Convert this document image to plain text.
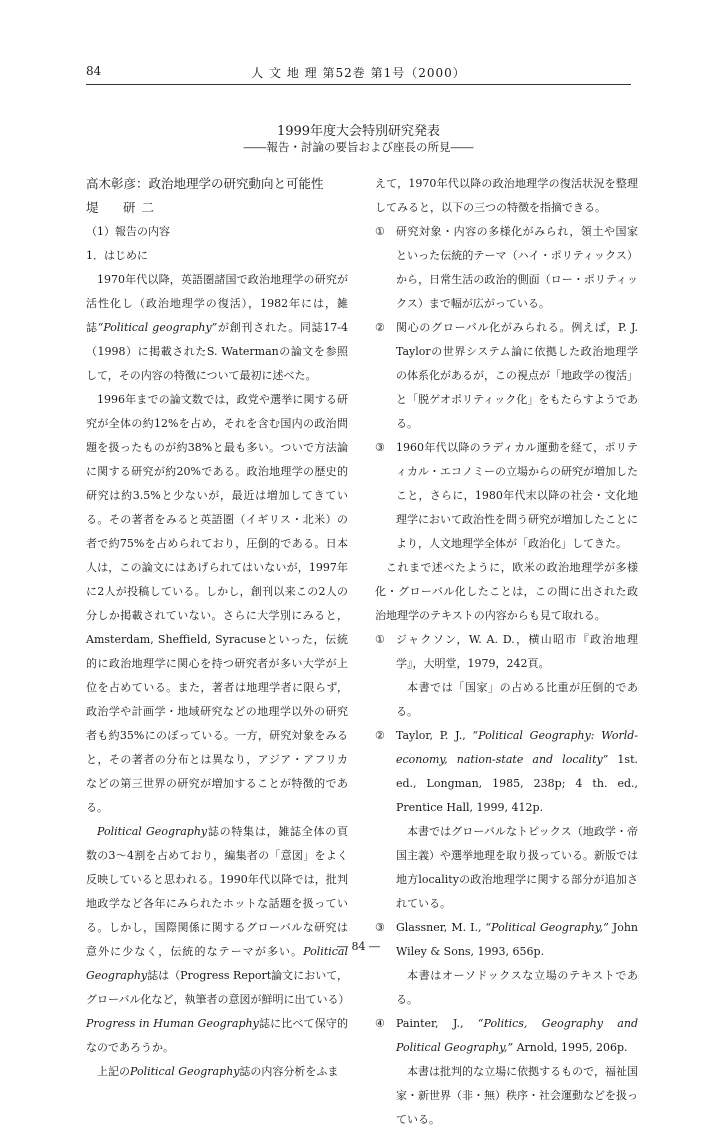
84	人 文 地 理 第52巻 第1号（2000）
1999年度大会特別研究発表
――報告・討論の要旨および座長の所見――

高木彰彦：政治地理学の研究動向と可能性

堤　研二

（1）報告の内容

1．はじめに

1970年代以降，英語圏諸国で政治地理学の研究が活性化し（政治地理学の復活），1982年には，雑誌“Political geography”が創刊された。同誌17-4（1998）に掲載されたS. Watermanの論文を参照して，その内容の特徴について最初に述べた。

1996年までの論文数では，政党や選挙に関する研究が全体の約12%を占め，それを含む国内の政治問題を扱ったものが約38%と最も多い。ついで方法論に関する研究が約20%である。政治地理学の歴史的研究は約3.5%と少ないが，最近は増加してきている。その著者をみると英語圏（イギリス・北米）の者で約75%を占められており，圧倒的である。日本人は，この論文にはあげられてはいないが，1997年に2人が投稿している。しかし，創刊以来この2人の分しか掲載されていない。さらに大学別にみると，Amsterdam, Sheffield, Syracuseといった，伝統的に政治地理学に関心を持つ研究者が多い大学が上位を占めている。また，著者は地理学者に限らず，政治学や計画学・地域研究などの地理学以外の研究者も約35%にのぼっている。一方，研究対象をみると，その著者の分布とは異なり，アジア・アフリカなどの第三世界の研究が増加することが特徴的である。

Political Geography誌の特集は，雑誌全体の頁数の3～4割を占めており，編集者の「意図」をよく反映していると思われる。1990年代以降では，批判地政学など各年にみられたホットな話題を扱っている。しかし，国際関係に関するグローバルな研究は意外に少なく，伝統的なテーマが多い。Political Geography誌は（Progress Report論文において，グローバル化など，執筆者の意図が鮮明に出ている）Progress in Human Geography誌に比べて保守的なのであろうか。

上記のPolitical Geography誌の内容分析をふま

えて，1970年代以降の政治地理学の復活状況を整理してみると，以下の三つの特徴を指摘できる。

①	研究対象・内容の多様化がみられ，領土や国家といった伝統的テーマ（ハイ・ポリティックス）から，日常生活の政治的側面（ロー・ポリティックス）まで幅が広がっている。
②	関心のグローバル化がみられる。例えば，P. J. Taylorの世界システム論に依拠した政治地理学の体系化があるが，この視点が「地政学の復活」と「脱ゲオポリティック化」をもたらすようである。
③	1960年代以降のラディカル運動を経て，ポリティカル・エコノミーの立場からの研究が増加したこと，さらに，1980年代末以降の社会・文化地理学において政治性を問う研究が増加したことにより，人文地理学全体が「政治化」してきた。

これまで述べたように，欧米の政治地理学が多様化・グローバル化したことは，この間に出された政治地理学のテキストの内容からも見て取れる。

①	ジャクソン，W. A. D.，横山昭市『政治地理学』，大明堂，1979，242頁。

本書では「国家」の占める比重が圧倒的である。

②	Taylor, P. J., “Political Geography: World-economy, nation-state and locality” 1st. ed., Longman, 1985, 238p; 4 th. ed., Prentice Hall, 1999, 412p.

本書ではグローバルなトピックス（地政学・帝国主義）や選挙地理を取り扱っている。新版では地方localityの政治地理学に関する部分が追加されている。

③	Glassner, M. I., “Political Geography,” John Wiley & Sons, 1993, 656p.

本書はオーソドックスな立場のテキストである。

④	Painter, J., “Politics, Geography and Political Geography,” Arnold, 1995, 206p.

本書は批判的な立場に依拠するもので，福祉国家・新世界（非・無）秩序・社会運動などを扱っている。

― 84 ―
